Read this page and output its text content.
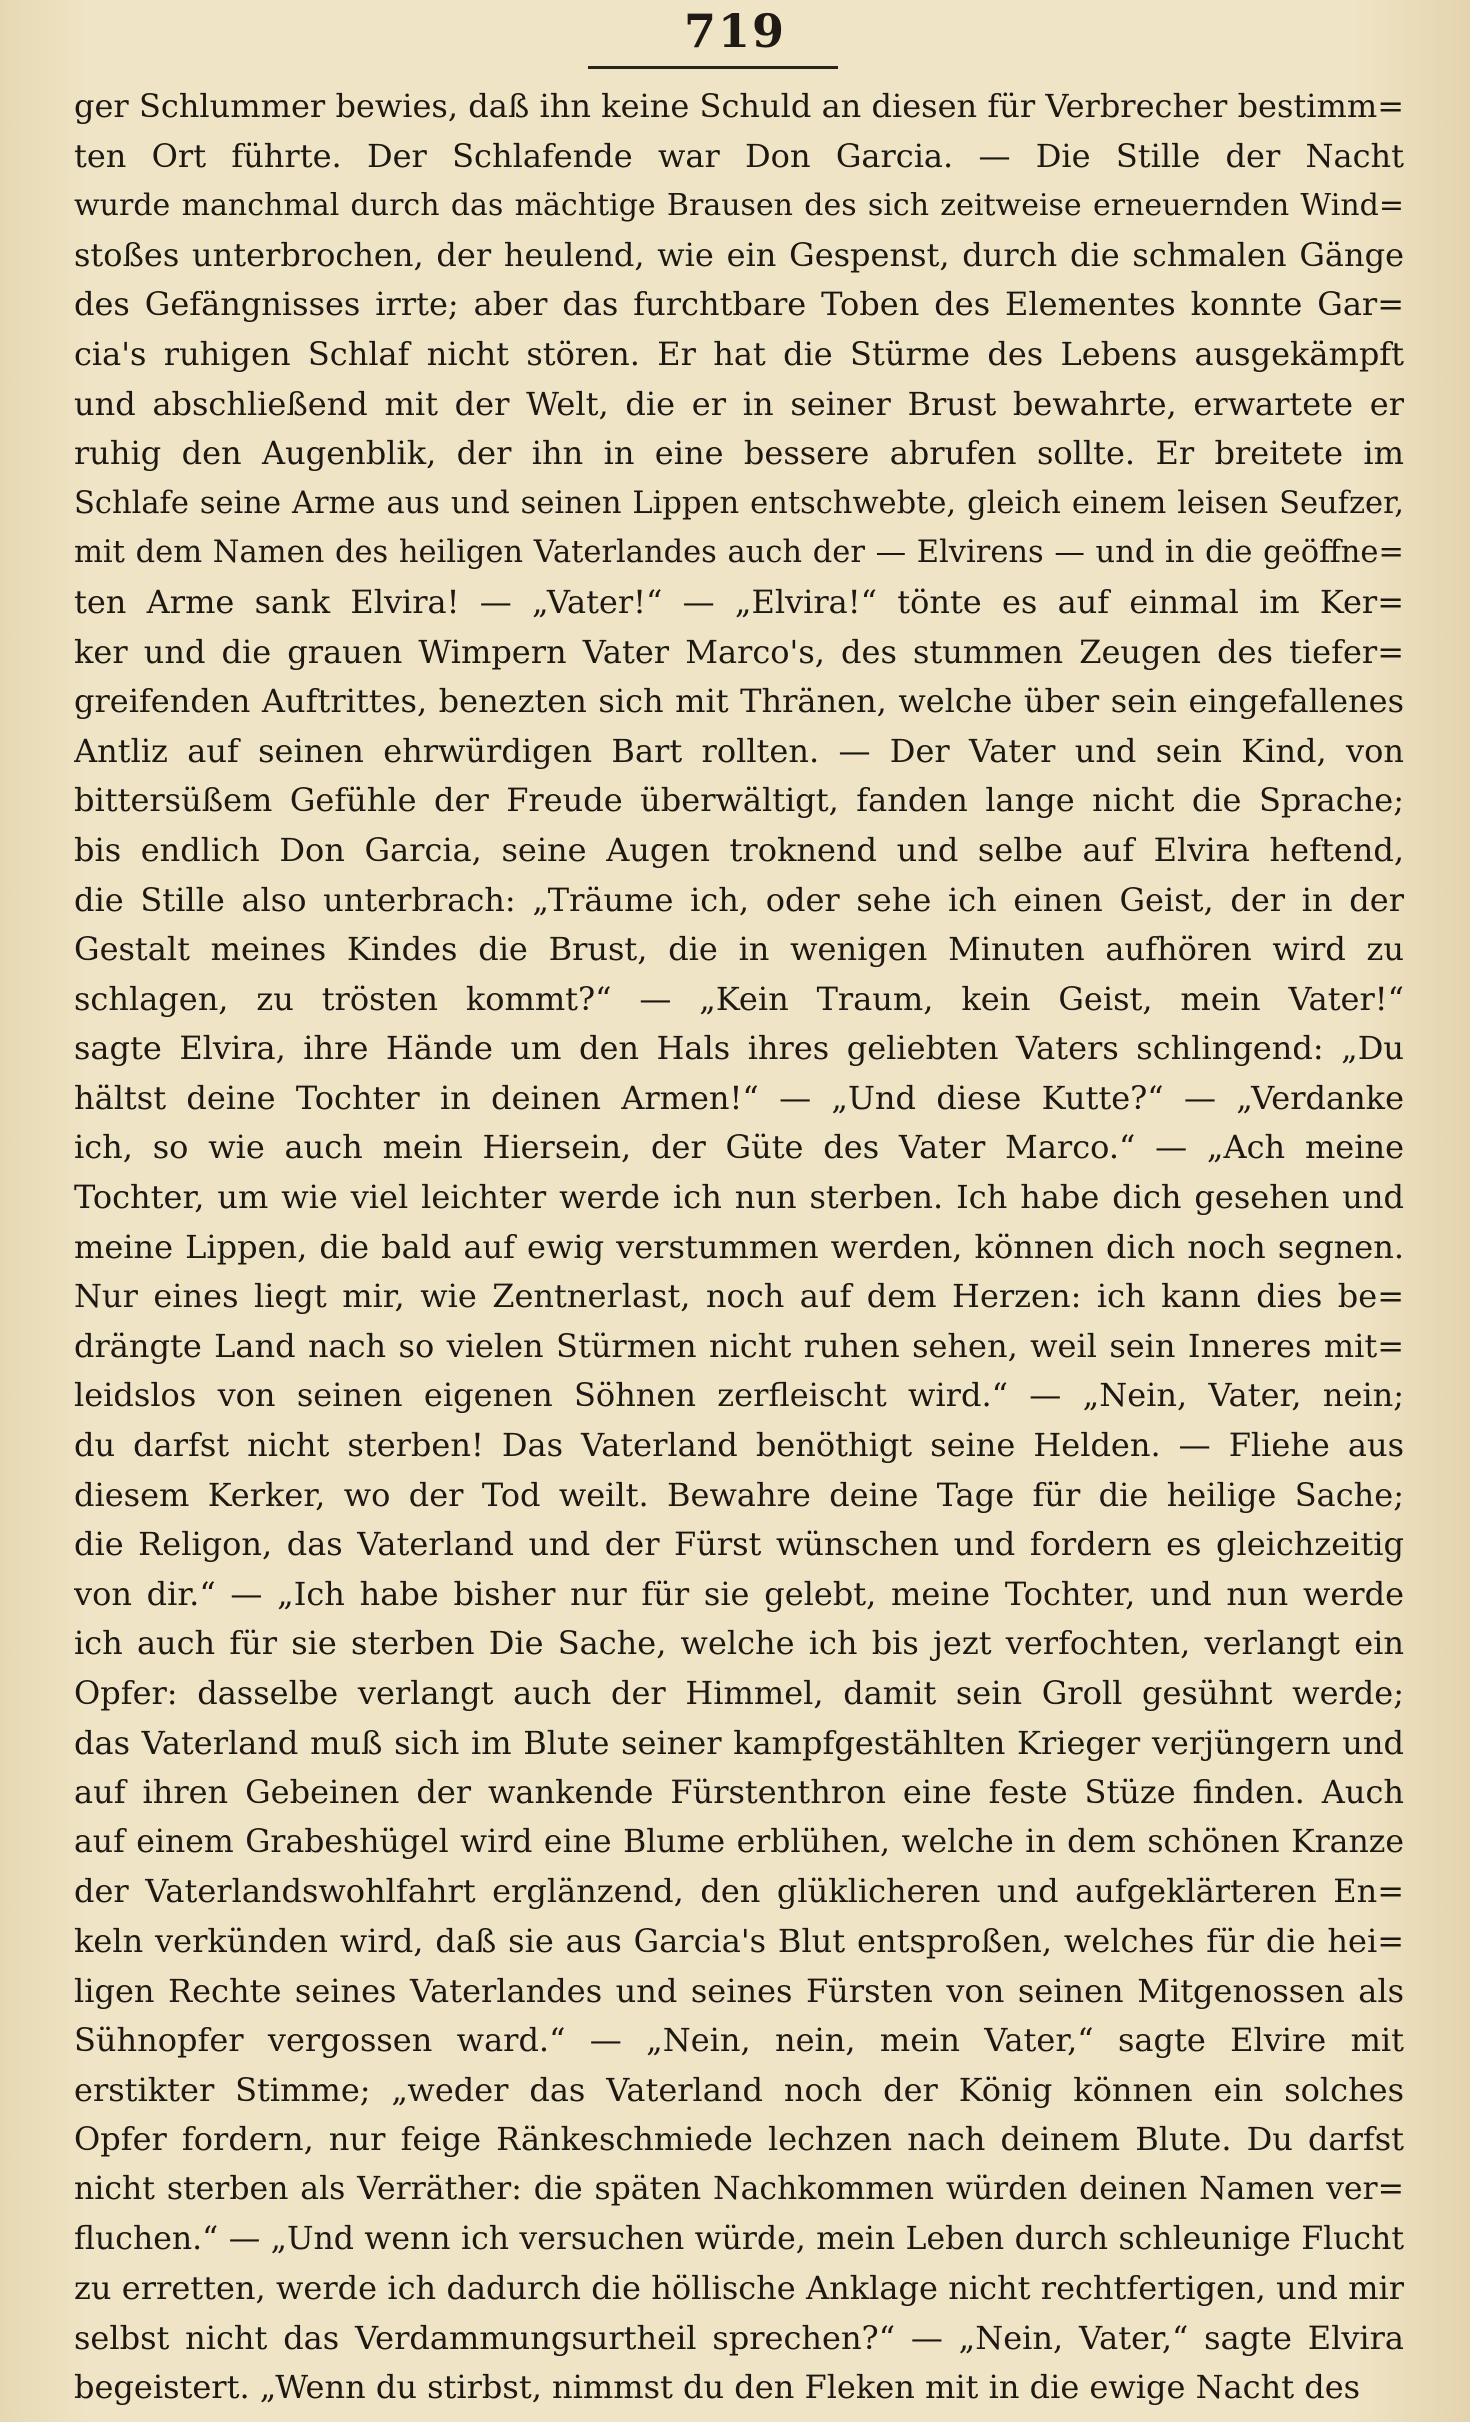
719
ger Schlummer bewies, daß ihn keine Schuld an diesen für Verbrecher bestimm=
ten Ort führte. Der Schlafende war Don Garcia. — Die Stille der Nacht
wurde manchmal durch das mächtige Brausen des sich zeitweise erneuernden Wind=
stoßes unterbrochen, der heulend, wie ein Gespenst, durch die schmalen Gänge
des Gefängnisses irrte; aber das furchtbare Toben des Elementes konnte Gar=
cia's ruhigen Schlaf nicht stören. Er hat die Stürme des Lebens ausgekämpft
und abschließend mit der Welt, die er in seiner Brust bewahrte, erwartete er
ruhig den Augenblik, der ihn in eine bessere abrufen sollte. Er breitete im
Schlafe seine Arme aus und seinen Lippen entschwebte, gleich einem leisen Seufzer,
mit dem Namen des heiligen Vaterlandes auch der — Elvirens — und in die geöffne=
ten Arme sank Elvira! — „Vater!“ — „Elvira!“ tönte es auf einmal im Ker=
ker und die grauen Wimpern Vater Marco's, des stummen Zeugen des tiefer=
greifenden Auftrittes, benezten sich mit Thränen, welche über sein eingefallenes
Antliz auf seinen ehrwürdigen Bart rollten. — Der Vater und sein Kind, von
bittersüßem Gefühle der Freude überwältigt, fanden lange nicht die Sprache;
bis endlich Don Garcia, seine Augen troknend und selbe auf Elvira heftend,
die Stille also unterbrach: „Träume ich, oder sehe ich einen Geist, der in der
Gestalt meines Kindes die Brust, die in wenigen Minuten aufhören wird zu
schlagen, zu trösten kommt?“ — „Kein Traum, kein Geist, mein Vater!“
sagte Elvira, ihre Hände um den Hals ihres geliebten Vaters schlingend: „Du
hältst deine Tochter in deinen Armen!“ — „Und diese Kutte?“ — „Verdanke
ich, so wie auch mein Hiersein, der Güte des Vater Marco.“ — „Ach meine
Tochter, um wie viel leichter werde ich nun sterben. Ich habe dich gesehen und
meine Lippen, die bald auf ewig verstummen werden, können dich noch segnen.
Nur eines liegt mir, wie Zentnerlast, noch auf dem Herzen: ich kann dies be=
drängte Land nach so vielen Stürmen nicht ruhen sehen, weil sein Inneres mit=
leidslos von seinen eigenen Söhnen zerfleischt wird.“ — „Nein, Vater, nein;
du darfst nicht sterben! Das Vaterland benöthigt seine Helden. — Fliehe aus
diesem Kerker, wo der Tod weilt. Bewahre deine Tage für die heilige Sache;
die Religon, das Vaterland und der Fürst wünschen und fordern es gleichzeitig
von dir.“ — „Ich habe bisher nur für sie gelebt, meine Tochter, und nun werde
ich auch für sie sterben Die Sache, welche ich bis jezt verfochten, verlangt ein
Opfer: dasselbe verlangt auch der Himmel, damit sein Groll gesühnt werde;
das Vaterland muß sich im Blute seiner kampfgestählten Krieger verjüngern und
auf ihren Gebeinen der wankende Fürstenthron eine feste Stüze finden. Auch
auf einem Grabeshügel wird eine Blume erblühen, welche in dem schönen Kranze
der Vaterlandswohlfahrt erglänzend, den glüklicheren und aufgeklärteren En=
keln verkünden wird, daß sie aus Garcia's Blut entsproßen, welches für die hei=
ligen Rechte seines Vaterlandes und seines Fürsten von seinen Mitgenossen als
Sühnopfer vergossen ward.“ — „Nein, nein, mein Vater,“ sagte Elvire mit
erstikter Stimme; „weder das Vaterland noch der König können ein solches
Opfer fordern, nur feige Ränkeschmiede lechzen nach deinem Blute. Du darfst
nicht sterben als Verräther: die späten Nachkommen würden deinen Namen ver=
fluchen.“ — „Und wenn ich versuchen würde, mein Leben durch schleunige Flucht
zu erretten, werde ich dadurch die höllische Anklage nicht rechtfertigen, und mir
selbst nicht das Verdammungsurtheil sprechen?“ — „Nein, Vater,“ sagte Elvira
begeistert. „Wenn du stirbst, nimmst du den Fleken mit in die ewige Nacht des
